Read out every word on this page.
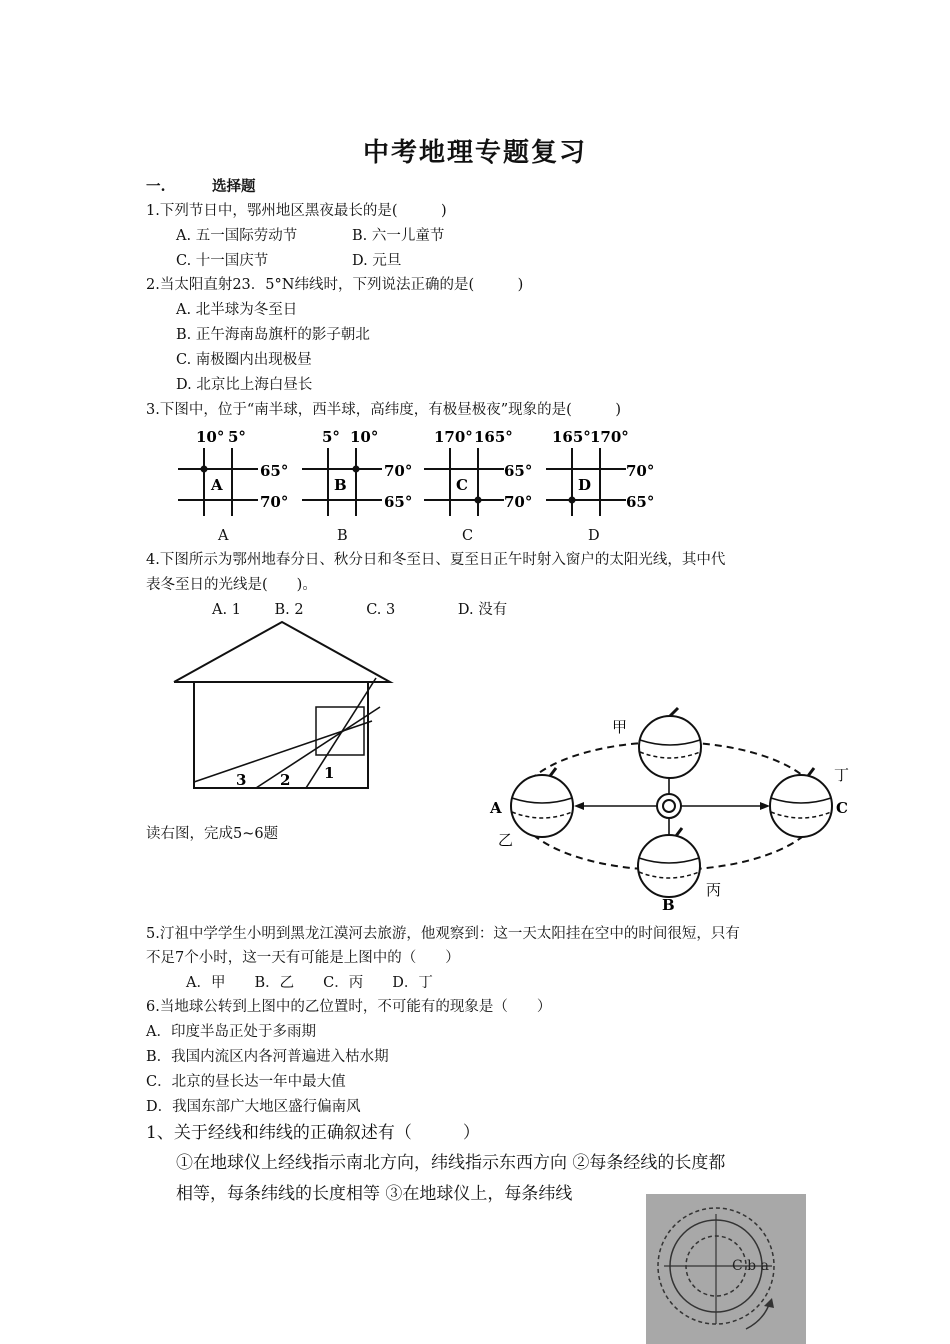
中考地理专题复习
一.	选择题
1.下列节日中，鄂州地区黑夜最长的是(　　　)
A. 五一国际劳动节	B. 六一儿童节
C. 十一国庆节	D. 元旦
2.当太阳直射23．5°N纬线时，下列说法正确的是(　　　)
A. 北半球为冬至日
B. 正午海南岛旗杆的影子朝北
C. 南极圈内出现极昼
D. 北京比上海白昼长
3.下图中，位于“南半球，西半球，高纬度，有极昼极夜”现象的是(　　　)
10° 5°
A
65°
70°
5° 10°
B
70°
65°
170° 165°
C
65°
70°
165° 170°
D
70°
65°
A	B	C	D
4.下图所示为鄂州地春分日、秋分日和冬至日、夏至日正午时射入窗户的太阳光线，其中代
表冬至日的光线是(　　)。
A. 1　　 B. 2　　　　 C. 3　　　　 D. 没有
3 2 1
甲
乙
丙
丁
A
B
C
读右图，完成5~6题
5.汀祖中学学生小明到黑龙江漠河去旅游，他观察到：这一天太阳挂在空中的时间很短，只有
不足7个小时，这一天有可能是上图中的（　　）
A．甲　　B．乙　　C．丙　　D．丁
6.当地球公转到上图中的乙位置时，不可能有的现象是（　　）
A．印度半岛正处于多雨期
B．我国内流区内各河普遍进入枯水期
C．北京的昼长达一年中最大值
D．我国东部广大地区盛行偏南风
1、关于经线和纬线的正确叙述有（　　　）
①在地球仪上经线指示南北方向，纬线指示东西方向 ②每条经线的长度都
相等，每条纬线的长度相等 ③在地球仪上，每条纬线
C b a
